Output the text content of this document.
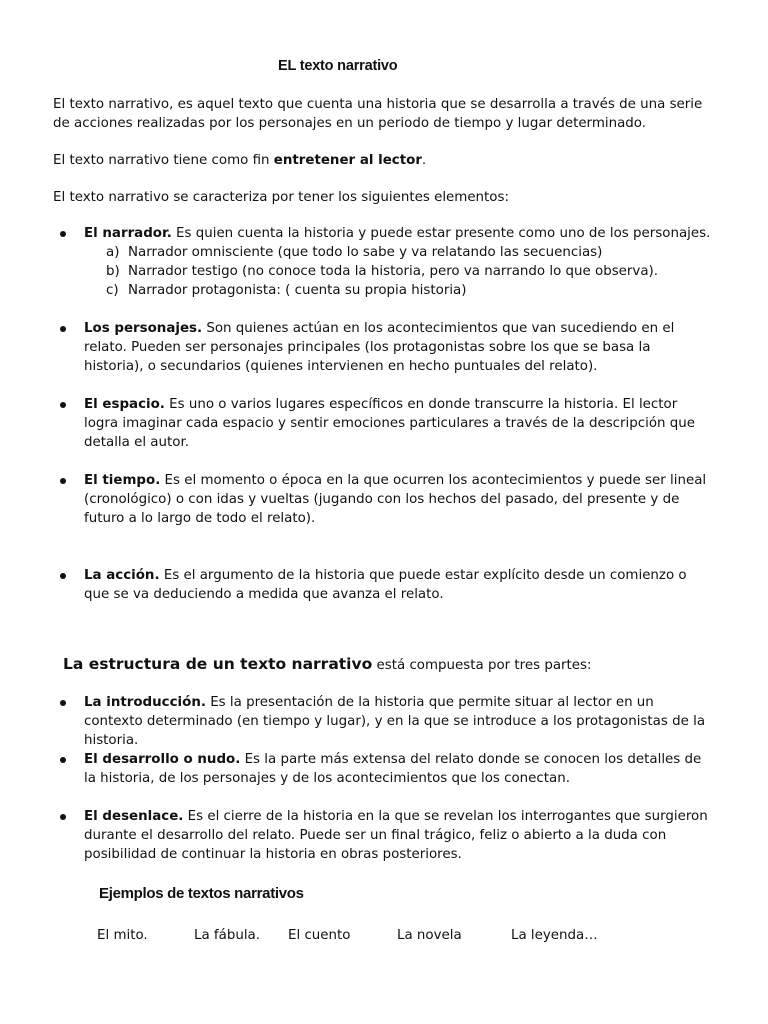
EL texto narrativo

El texto narrativo, es aquel texto que cuenta una historia que se desarrolla a través de una serie de acciones realizadas por los personajes en un periodo de tiempo y lugar determinado.

El texto narrativo tiene como fin entretener al lector.

El texto narrativo se caracteriza por tener los siguientes elementos:

El narrador. Es quien cuenta la historia y puede estar presente como uno de los personajes.
a) Narrador omnisciente (que todo lo sabe y va relatando las secuencias)
b) Narrador testigo (no conoce toda la historia, pero va narrando lo que observa).
c) Narrador protagonista: ( cuenta su propia historia)
Los personajes. Son quienes actúan en los acontecimientos que van sucediendo en el relato. Pueden ser personajes principales (los protagonistas sobre los que se basa la historia), o secundarios (quienes intervienen en hecho puntuales del relato).
El espacio. Es uno o varios lugares específicos en donde transcurre la historia. El lector logra imaginar cada espacio y sentir emociones particulares a través de la descripción que detalla el autor.
El tiempo. Es el momento o época en la que ocurren los acontecimientos y puede ser lineal (cronológico) o con idas y vueltas (jugando con los hechos del pasado, del presente y de futuro a lo largo de todo el relato).
La acción. Es el argumento de la historia que puede estar explícito desde un comienzo o que se va deduciendo a medida que avanza el relato.

La estructura de un texto narrativo está compuesta por tres partes:

La introducción. Es la presentación de la historia que permite situar al lector en un contexto determinado (en tiempo y lugar), y en la que se introduce a los protagonistas de la historia.
El desarrollo o nudo. Es la parte más extensa del relato donde se conocen los detalles de la historia, de los personajes y de los acontecimientos que los conectan.
El desenlace. Es el cierre de la historia en la que se revelan los interrogantes que surgieron durante el desarrollo del relato. Puede ser un final trágico, feliz o abierto a la duda con posibilidad de continuar la historia en obras posteriores.
Ejemplos de textos narrativos
El mito.	La fábula. El cuento	La novela	La leyenda…
